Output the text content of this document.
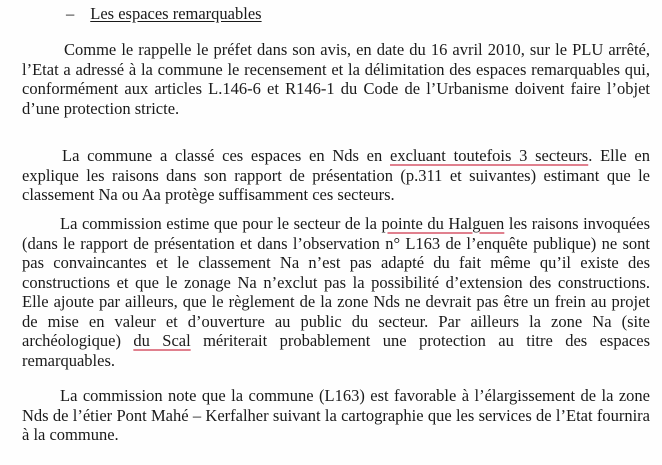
– Les espaces remarquables

Comme le rappelle le préfet dans son avis, en date du 16 avril 2010, sur le PLU arrêté, l’Etat a adressé à la commune le recensement et la délimitation des espaces remarquables qui, conformément aux articles L.146-6 et R146-1 du Code de l’Urbanisme doivent faire l’objet d’une protection stricte.

La commune a classé ces espaces en Nds en excluant toutefois 3 secteurs. Elle en explique les raisons dans son rapport de présentation (p.311 et suivantes) estimant que le classement Na ou Aa protège suffisamment ces secteurs.

La commission estime que pour le secteur de la pointe du Halguen les raisons invoquées (dans le rapport de présentation et dans l’observation n° L163 de l’enquête publique) ne sont pas convaincantes et le classement Na n’est pas adapté du fait même qu’il existe des constructions et que le zonage Na n’exclut pas la possibilité d’extension des constructions. Elle ajoute par ailleurs, que le règlement de la zone Nds ne devrait pas être un frein au projet de mise en valeur et d’ouverture au public du secteur. Par ailleurs la zone Na (site archéologique) du Scal mériterait probablement une protection au titre des espaces remarquables.

La commission note que la commune (L163) est favorable à l’élargissement de la zone Nds de l’étier Pont Mahé – Kerfalher suivant la cartographie que les services de l’Etat fournira à la commune.
